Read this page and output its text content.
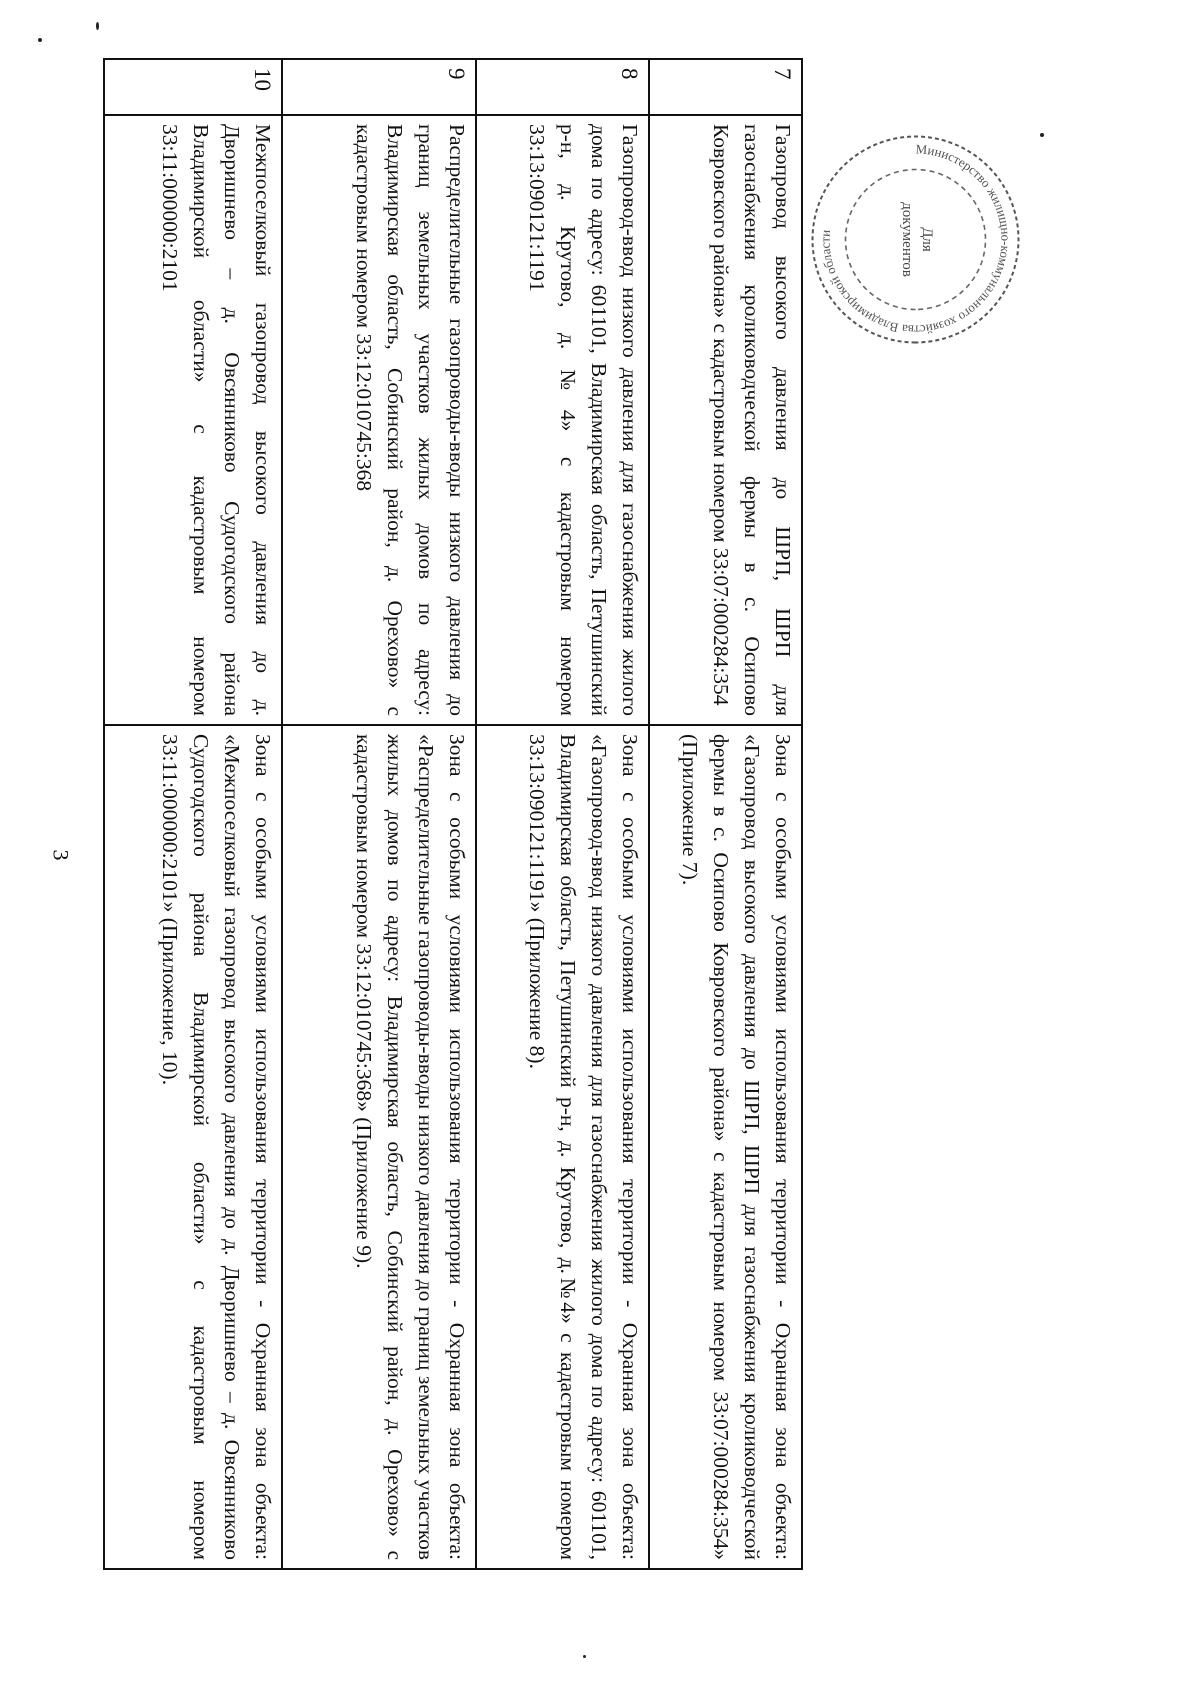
3
7	Газопровод высокого давления до ШРП, ШРП для газоснабжения кролиководческой фермы в с. Осипово Ковровского района» с кадастровым номером 33:07:000284:354	Зона с особыми условиями использования территории - Охранная зона объекта: «Газопровод высокого давления до ШРП, ШРП для газоснабжения кролиководческой фермы в с. Осипово Ковровского района» с кадастровым номером 33:07:000284:354» (Приложение 7).
8	Газопровод-ввод низкого давления для газоснабжения жилого дома по адресу: 601101, Владимирская область, Петушинский р-н, д. Крутово, д.№4» с кадастровым номером 33:13:090121:1191	Зона с особыми условиями использования территории - Охранная зона объекта: «Газопровод-ввод низкого давления для газоснабжения жилого дома по адресу: 601101, Владимирская область, Петушинский р-н, д. Крутово, д.№4» с кадастровым номером 33:13:090121:1191» (Приложение 8).
9	Распределительные газопроводы-вводы низкого давления до границ земельных участков жилых домов по адресу: Владимирская область, Собинский район, д. Орехово» с кадастровым номером 33:12:010745:368	Зона с особыми условиями использования территории - Охранная зона объекта: «Распределительные газопроводы-вводы низкого давления до границ земельных участков жилых домов по адресу: Владимирская область, Собинский район, д. Орехово» с кадастровым номером 33:12:010745:368» (Приложение 9).
10	Межпоселковый газопровод высокого давления до д. Дворишнево – д. Овсянниково Судогодского района Владимирской области» с кадастровым номером 33:11:000000:2101	Зона с особыми условиями использования территории - Охранная зона объекта: «Межпоселковый газопровод высокого давления до д. Дворишнево – д. Овсянниково Судогодского района Владимирской области» с кадастровым номером 33:11:000000:2101» (Приложение, 10).
Министерство жилищно-коммунального хозяйства Владимирской области	Для
документов
